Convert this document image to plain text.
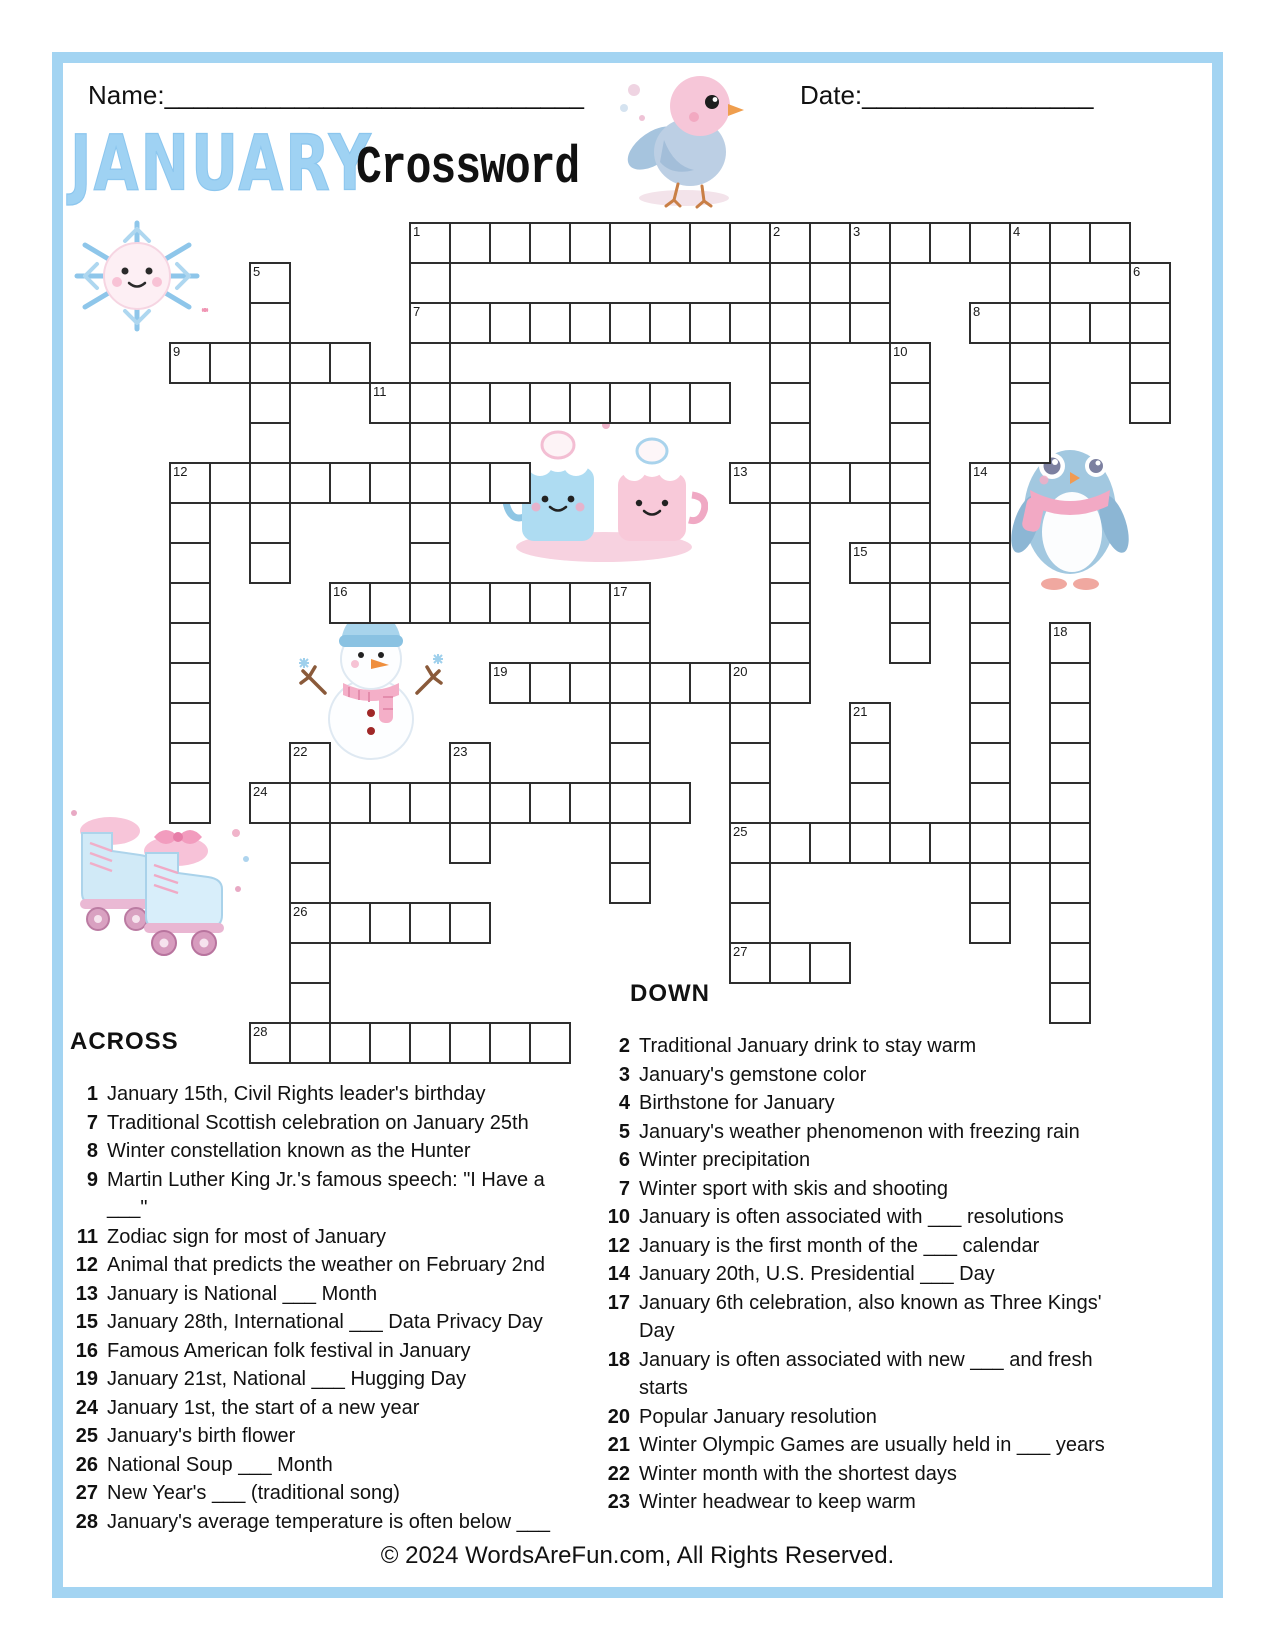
Name:_____________________________	Date:________________
JANUARY
Crossword
1	2	3	4
5	6
7	8
9	10
11
12	13	14
15
16	17
18
19	20
21
22	23
24
25
26
27
28
ACROSS
1 January 15th, Civil Rights leader's birthday
7 Traditional Scottish celebration on January 25th
8 Winter constellation known as the Hunter
9 Martin Luther King Jr.'s famous speech: "I Have a ___"
11 Zodiac sign for most of January
12 Animal that predicts the weather on February 2nd
13 January is National ___ Month
15 January 28th, International ___ Data Privacy Day
16 Famous American folk festival in January
19 January 21st, National ___ Hugging Day
24 January 1st, the start of a new year
25 January's birth flower
26 National Soup ___ Month
27 New Year's ___ (traditional song)
28 January's average temperature is often below ___
DOWN
2 Traditional January drink to stay warm
3 January's gemstone color
4 Birthstone for January
5 January's weather phenomenon with freezing rain
6 Winter precipitation
7 Winter sport with skis and shooting
10 January is often associated with ___ resolutions
12 January is the first month of the ___ calendar
14 January 20th, U.S. Presidential ___ Day
17 January 6th celebration, also known as Three Kings' Day
18 January is often associated with new ___ and fresh starts
20 Popular January resolution
21 Winter Olympic Games are usually held in ___ years
22 Winter month with the shortest days
23 Winter headwear to keep warm
© 2024 WordsAreFun.com, All Rights Reserved.
